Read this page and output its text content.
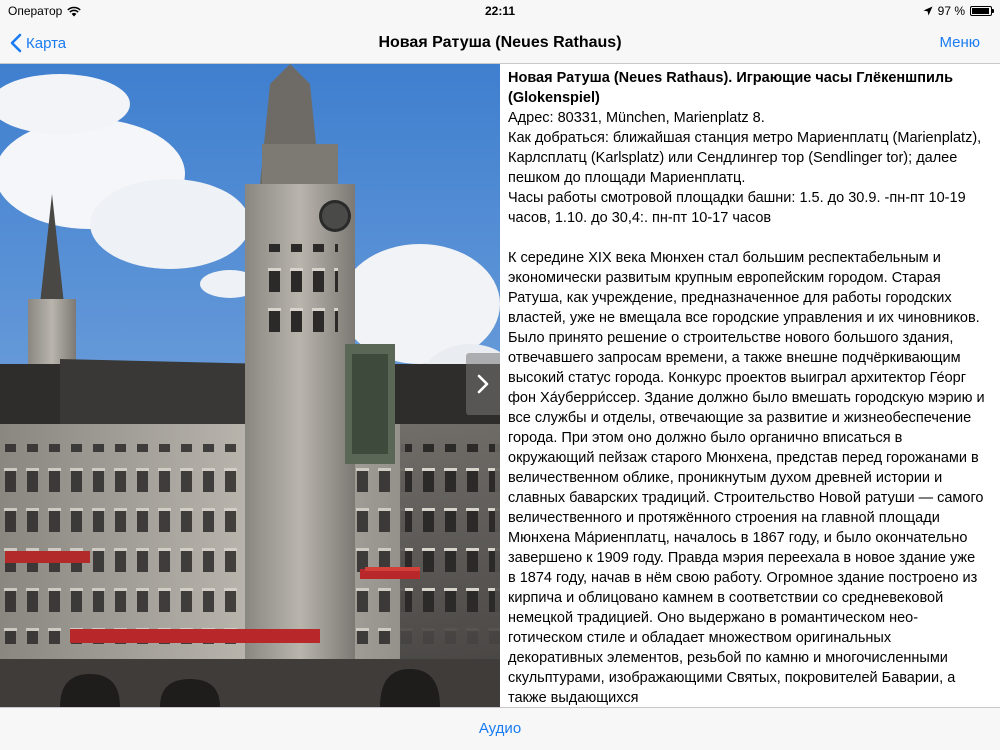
Оператор	22:11	97 %
Карта	Новая Ратуша (Neues Rathaus)	Меню

Новая Ратуша (Neues Rathaus). Играющие часы Глёкеншпиль (Glokenspiel)

Адрес: 80331, München, Marienplatz 8.

Как добраться: ближайшая станция метро Мариенплатц (Marienplatz), Карлсплатц (Karlsplatz) или Сендлингер тор (Sendlinger tor); далее пешком до площади Мариенплатц.

Часы работы смотровой площадки башни: 1.5. до 30.9. -пн-пт 10-19 часов, 1.10. до 30,4:. пн-пт 10-17 часов

К середине XIX века Мюнхен стал большим респектабельным и экономически развитым крупным европейским городом. Старая Ратуша, как учреждение, предназначенное для работы городских властей, уже не вмещала все городские управления и их чиновников. Было принято решение о строительстве нового большого здания, отвечавшего запросам времени, а также внешне подчёркивающим высокий статус города. Конкурс проектов выиграл архитектор Ге́орг фон Ха́уберри́ссер. Здание должно было вмешать городскую мэрию и все службы и отделы, отвечающие за развитие и жизнеобеспечение города. При этом оно должно было органично вписаться в окружающий пейзаж старого Мюнхена, представ перед горожанами в величественном облике, проникнутым духом древней истории и славных баварских традиций. Строительство Новой ратуши — самого величественного и протяжённого строения на главной площади Мюнхена Ма́риенплатц, началось в 1867 году, и было окончательно завершено к 1909 году. Правда мэрия переехала в новое здание уже в 1874 году, начав в нём свою работу. Огромное здание построено из кирпича и облицовано камнем в соответствии со средневековой немецкой традицией. Оно выдержано в романтическом нео-готическом стиле и обладает множеством оригинальных декоративных элементов, резьбой по камню и многочисленными скульптурами, изображающими Святых, покровителей Баварии, а также выдающихся

Аудио
